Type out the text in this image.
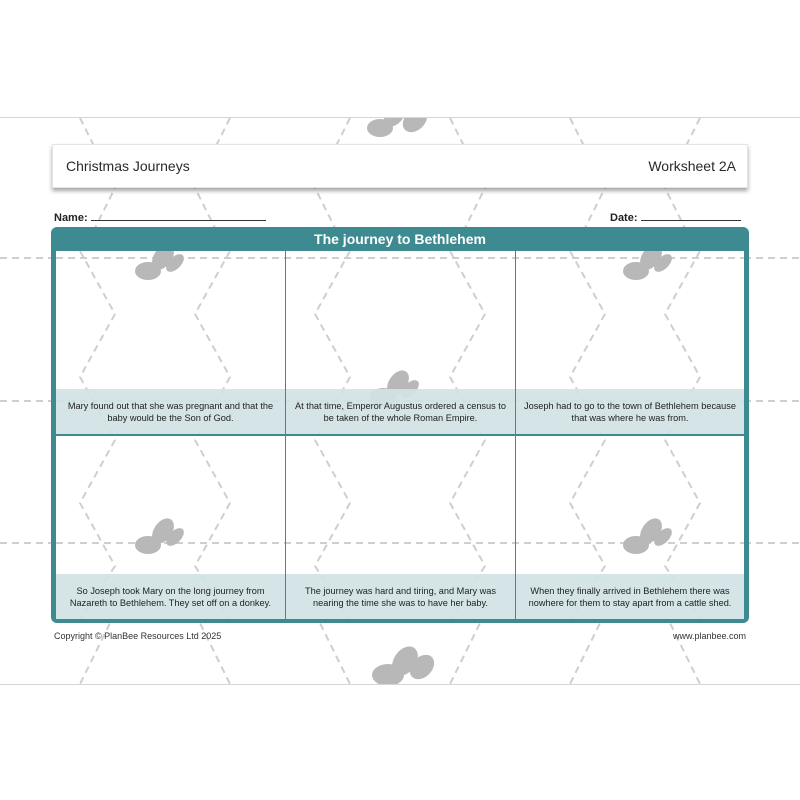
Christmas Journeys	Worksheet 2A
Name:	Date:
The journey to Bethlehem
Mary found out that she was pregnant and that the baby would be the Son of God.
At that time, Emperor Augustus ordered a census to be taken of the whole Roman Empire.
Joseph had to go to the town of Bethlehem because that was where he was from.
So Joseph took Mary on the long journey from Nazareth to Bethlehem. They set off on a donkey.
The journey was hard and tiring, and Mary was nearing the time she was to have her baby.
When they finally arrived in Bethlehem there was nowhere for them to stay apart from a cattle shed.
Copyright © PlanBee Resources Ltd 2025	www.planbee.com
